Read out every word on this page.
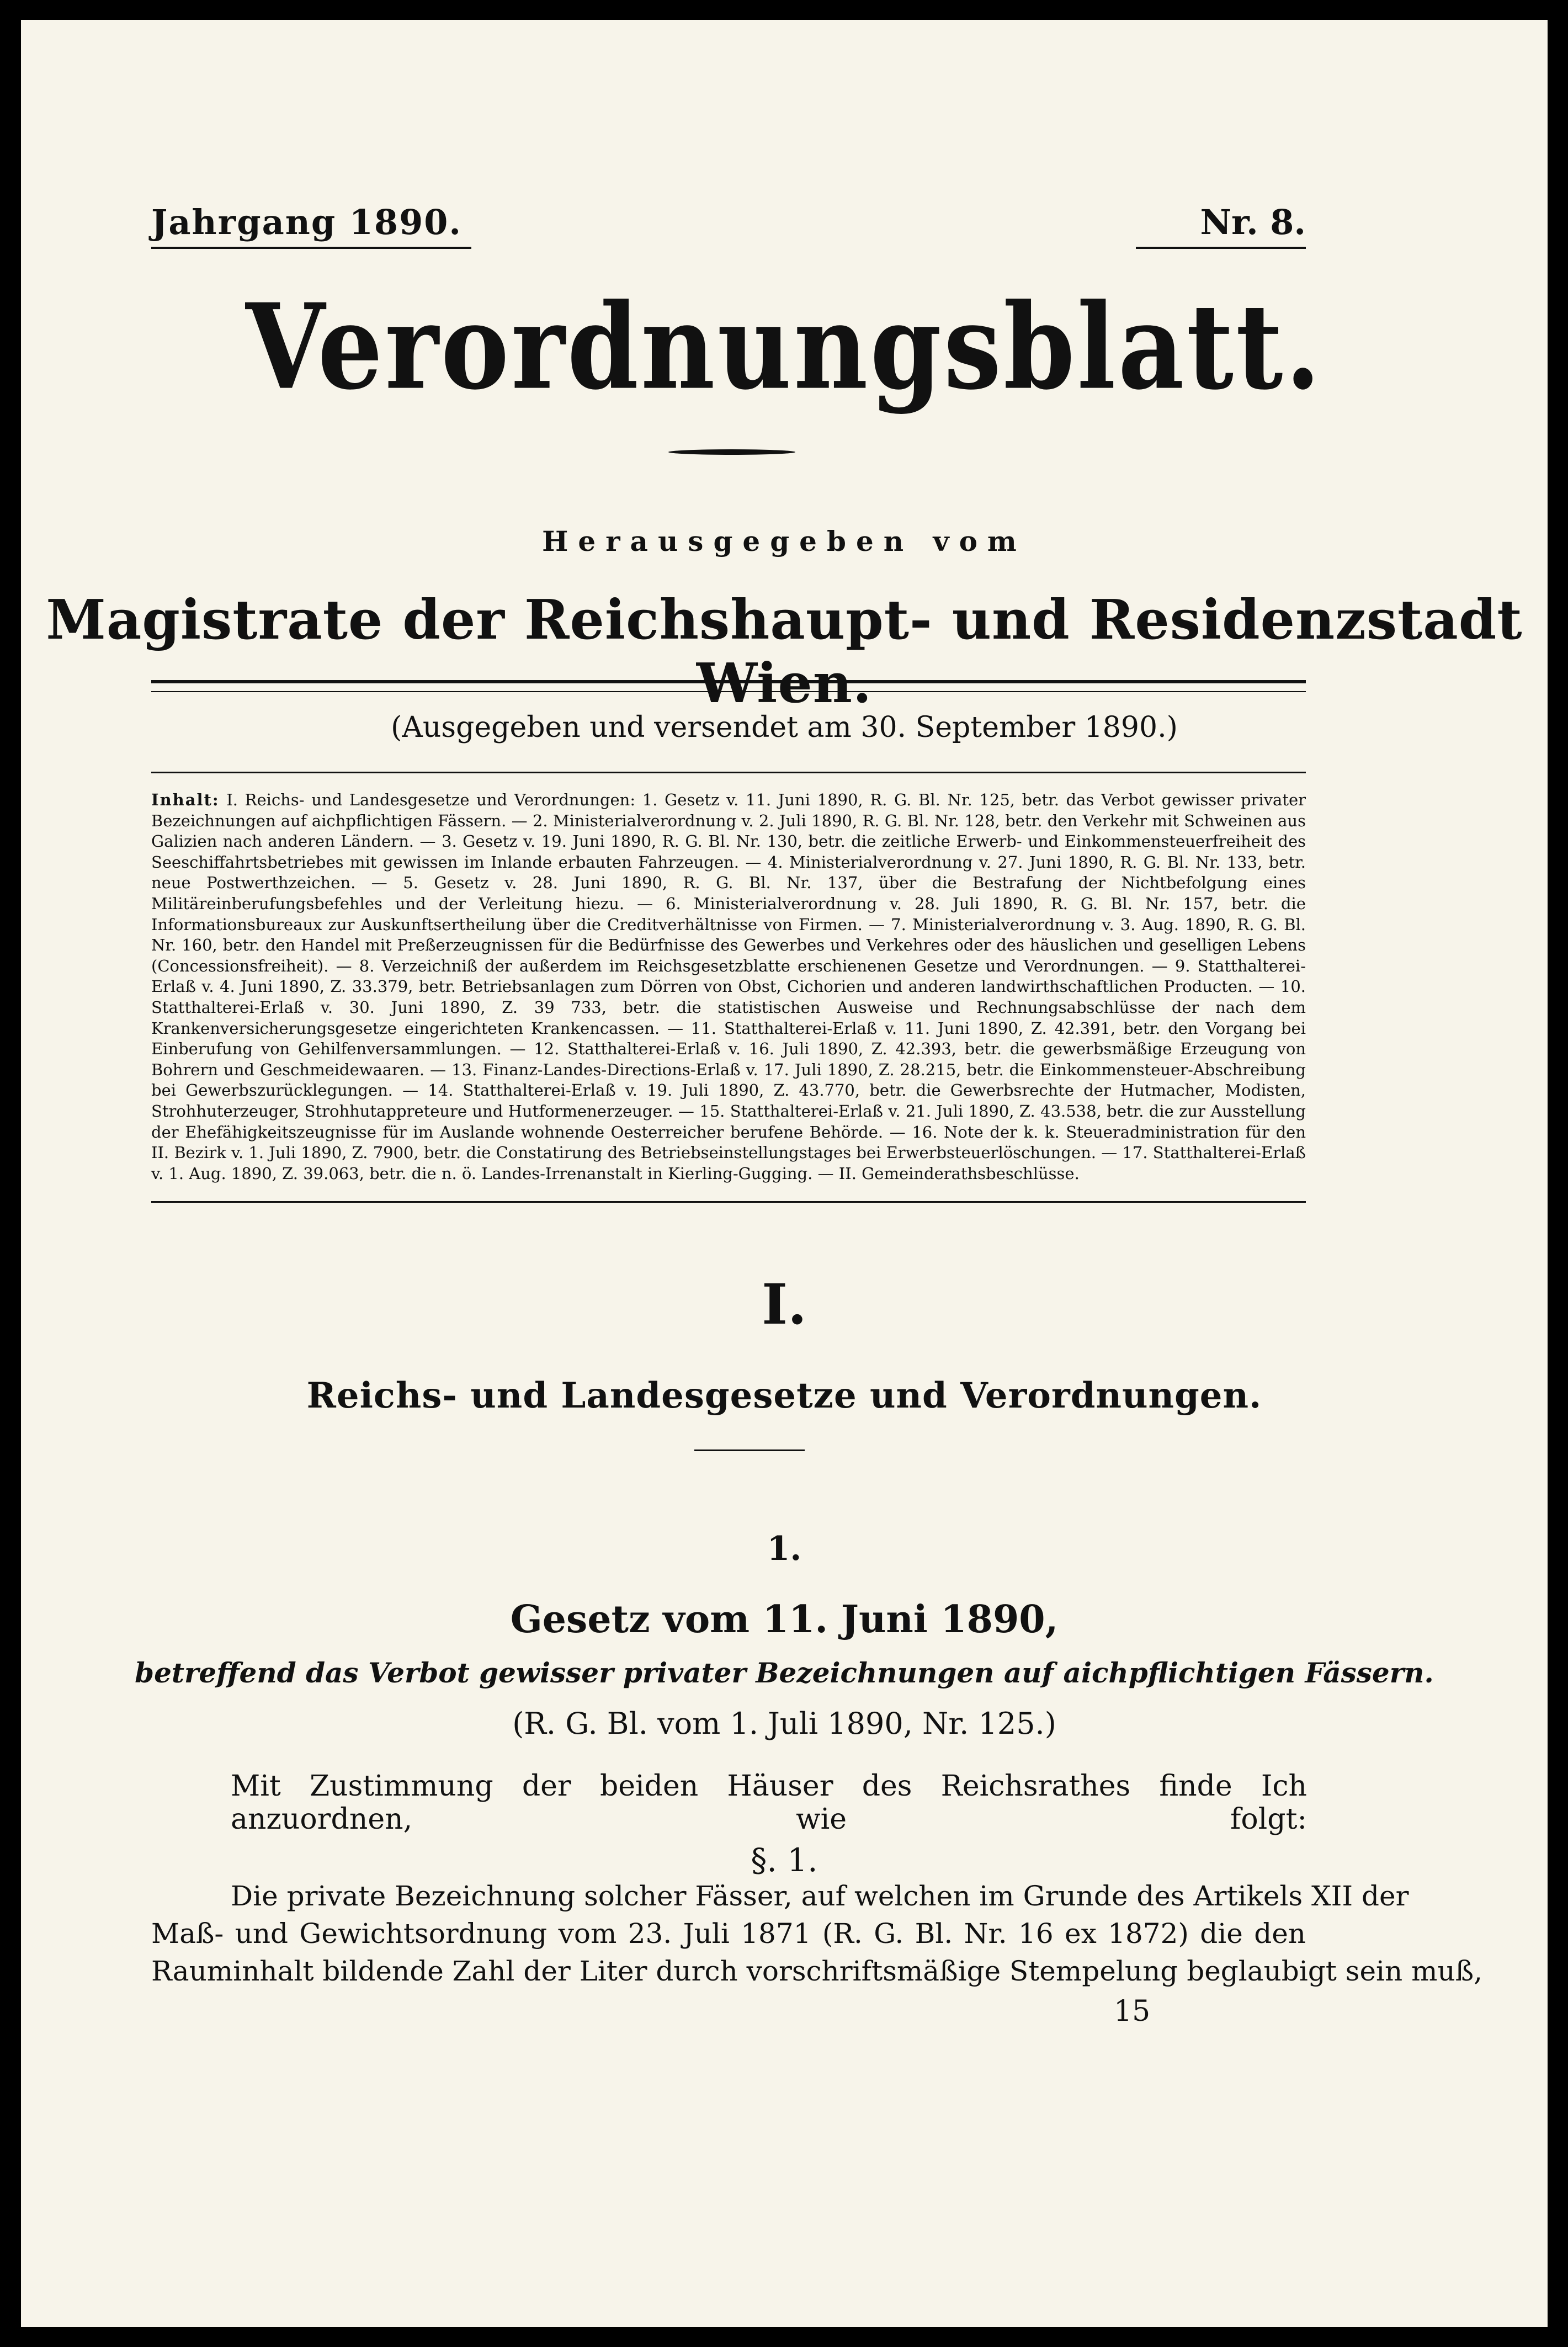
Jahrgang 1890.	Nr. 8.
Verordnungsblatt.
Herausgegeben vom
Magistrate der Reichshaupt- und Residenzstadt Wien.
(Ausgegeben und versendet am 30. September 1890.)
Inhalt: I. Reichs- und Landesgesetze und Verordnungen: 1. Gesetz v. 11. Juni 1890, R. G. Bl. Nr. 125, betr. das Verbot gewisser privater Bezeichnungen auf aichpflichtigen Fässern. — 2. Ministerialverordnung v. 2. Juli 1890, R. G. Bl. Nr. 128, betr. den Verkehr mit Schweinen aus Galizien nach anderen Ländern. — 3. Gesetz v. 19. Juni 1890, R. G. Bl. Nr. 130, betr. die zeitliche Erwerb- und Einkommensteuerfreiheit des Seeschiffahrtsbetriebes mit gewissen im Inlande erbauten Fahrzeugen. — 4. Ministerialverordnung v. 27. Juni 1890, R. G. Bl. Nr. 133, betr. neue Postwerthzeichen. — 5. Gesetz v. 28. Juni 1890, R. G. Bl. Nr. 137, über die Bestrafung der Nichtbefolgung eines Militäreinberufungsbefehles und der Verleitung hiezu. — 6. Ministerialverordnung v. 28. Juli 1890, R. G. Bl. Nr. 157, betr. die Informationsbureaux zur Auskunftsertheilung über die Creditverhältnisse von Firmen. — 7. Ministerialverordnung v. 3. Aug. 1890, R. G. Bl. Nr. 160, betr. den Handel mit Preßerzeugnissen für die Bedürfnisse des Gewerbes und Verkehres oder des häuslichen und geselligen Lebens (Concessionsfreiheit). — 8. Verzeichniß der außerdem im Reichsgesetzblatte erschienenen Gesetze und Verordnungen. — 9. Statthalterei-Erlaß v. 4. Juni 1890, Z. 33.379, betr. Betriebsanlagen zum Dörren von Obst, Cichorien und anderen landwirthschaftlichen Producten. — 10. Statthalterei-Erlaß v. 30. Juni 1890, Z. 39 733, betr. die statistischen Ausweise und Rechnungsabschlüsse der nach dem Krankenversicherungsgesetze eingerichteten Krankencassen. — 11. Statthalterei-Erlaß v. 11. Juni 1890, Z. 42.391, betr. den Vorgang bei Einberufung von Gehilfenversammlungen. — 12. Statthalterei-Erlaß v. 16. Juli 1890, Z. 42.393, betr. die gewerbsmäßige Erzeugung von Bohrern und Geschmeidewaaren. — 13. Finanz-Landes-Directions-Erlaß v. 17. Juli 1890, Z. 28.215, betr. die Einkommensteuer-Abschreibung bei Gewerbszurücklegungen. — 14. Statthalterei-Erlaß v. 19. Juli 1890, Z. 43.770, betr. die Gewerbsrechte der Hutmacher, Modisten, Strohhuterzeuger, Strohhutappreteure und Hutformenerzeuger. — 15. Statthalterei-Erlaß v. 21. Juli 1890, Z. 43.538, betr. die zur Ausstellung der Ehefähigkeitszeugnisse für im Auslande wohnende Oesterreicher berufene Behörde. — 16. Note der k. k. Steueradministration für den II. Bezirk v. 1. Juli 1890, Z. 7900, betr. die Constatirung des Betriebseinstellungstages bei Erwerbsteuerlöschungen. — 17. Statthalterei-Erlaß v. 1. Aug. 1890, Z. 39.063, betr. die n. ö. Landes-Irrenanstalt in Kierling-Gugging. — II. Gemeinderathsbeschlüsse.
I.
Reichs- und Landesgesetze und Verordnungen.
1.
Gesetz vom 11. Juni 1890,
betreffend das Verbot gewisser privater Bezeichnungen auf aichpflichtigen Fässern.
(R. G. Bl. vom 1. Juli 1890, Nr. 125.)
Mit Zustimmung der beiden Häuser des Reichsrathes finde Ich anzuordnen, wie folgt:
§. 1.
Die private Bezeichnung solcher Fässer, auf welchen im Grunde des Artikels XII der
Maß- und Gewichtsordnung vom 23. Juli 1871 (R. G. Bl. Nr. 16 ex 1872) die den
Rauminhalt bildende Zahl der Liter durch vorschriftsmäßige Stempelung beglaubigt sein muß,
15
